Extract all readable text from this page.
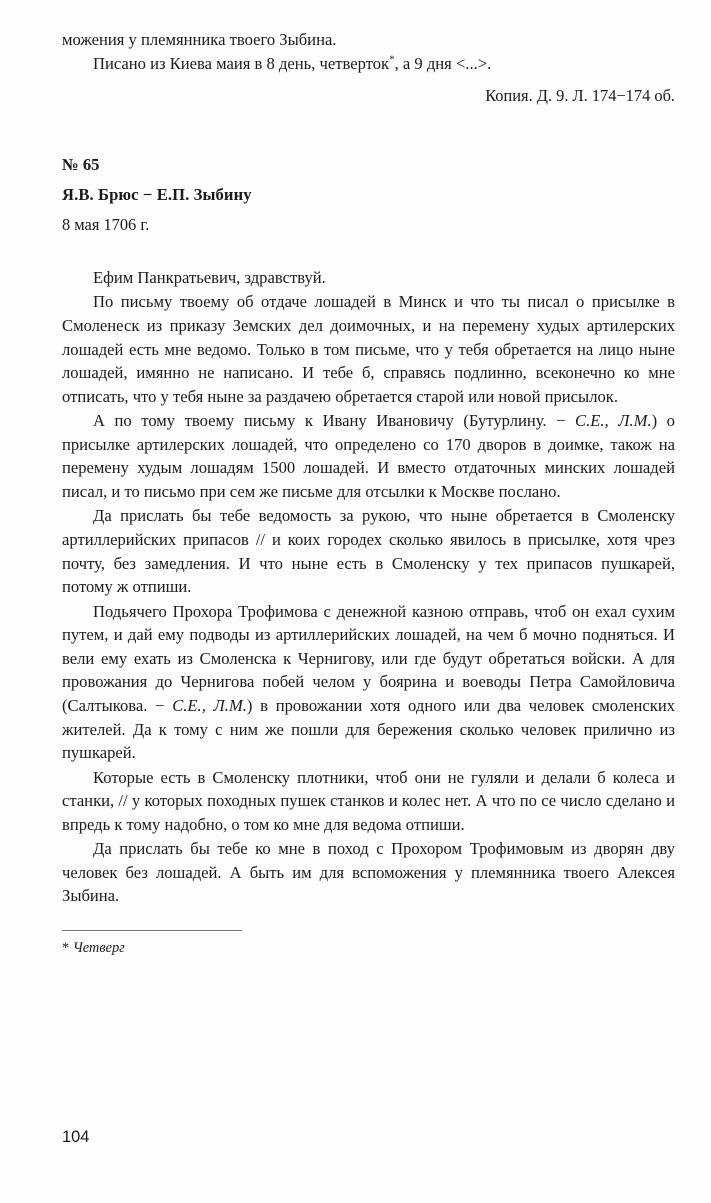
можения у племянника твоего Зыбина.

Писано из Киева маия в 8 день, четверток*, а 9 дня <...>.

Копия. Д. 9. Л. 174−174 об.

№ 65

Я.В. Брюс − Е.П. Зыбину

8 мая 1706 г.

Ефим Панкратьевич, здравствуй.

По письму твоему об отдаче лошадей в Минск и что ты писал о присылке в Смоленеск из приказу Земских дел доимочных, и на перемену худых артилерских лошадей есть мне ведомо. Только в том письме, что у тебя обретается на лицо ныне лошадей, имянно не написано. И тебе б, справясь подлинно, всеконечно ко мне отписать, что у тебя ныне за раздачею обретается старой или новой присылок.

А по тому твоему письму к Ивану Ивановичу (Бутурлину. − С.Е., Л.М.) о присылке артилерских лошадей, что определено со 170 дворов в доимке, також на перемену худым лошадям 1500 лошадей. И вместо отдаточных минских лошадей писал, и то письмо при сем же письме для отсылки к Москве послано.

Да прислать бы тебе ведомость за рукою, что ныне обретается в Смоленску артиллерийских припасов // и коих городех сколько явилось в присылке, хотя чрез почту, без замедления. И что ныне есть в Смоленску у тех припасов пушкарей, потому ж отпиши.

Подьячего Прохора Трофимова с денежной казною отправь, чтоб он ехал сухим путем, и дай ему подводы из артиллерийских лошадей, на чем б мочно подняться. И вели ему ехать из Смоленска к Чернигову, или где будут обретаться войски. А для провожания до Чернигова побей челом у боярина и воеводы Петра Самойловича (Салтыкова. − С.Е., Л.М.) в провожании хотя одного или два человек смоленских жителей. Да к тому с ним же пошли для бережения сколько человек прилично из пушкарей.

Которые есть в Смоленску плотники, чтоб они не гуляли и делали б колеса и станки, // у которых походных пушек станков и колес нет. А что по се число сделано и впредь к тому надобно, о том ко мне для ведома отпиши.

Да прислать бы тебе ко мне в поход с Прохором Трофимовым из дворян дву человек без лошадей. А быть им для вспоможения у племянника твоего Алексея Зыбина.

* Четверг

104
